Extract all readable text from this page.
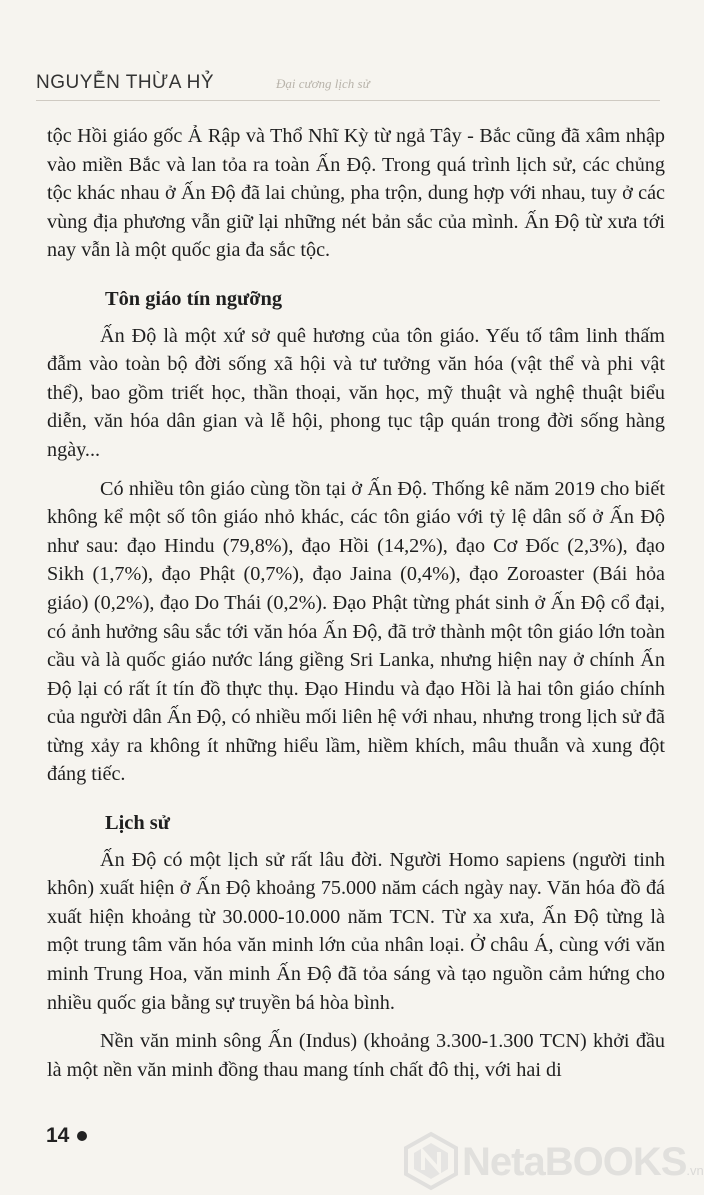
NGUYỄN THỪA HỶ	Đại cương lịch sử

tộc Hồi giáo gốc Ả Rập và Thổ Nhĩ Kỳ từ ngả Tây - Bắc cũng đã xâm nhập vào miền Bắc và lan tỏa ra toàn Ấn Độ. Trong quá trình lịch sử, các chủng tộc khác nhau ở Ấn Độ đã lai chủng, pha trộn, dung hợp với nhau, tuy ở các vùng địa phương vẫn giữ lại những nét bản sắc của mình. Ấn Độ từ xưa tới nay vẫn là một quốc gia đa sắc tộc.

Tôn giáo tín ngưỡng

Ấn Độ là một xứ sở quê hương của tôn giáo. Yếu tố tâm linh thấm đẫm vào toàn bộ đời sống xã hội và tư tưởng văn hóa (vật thể và phi vật thể), bao gồm triết học, thần thoại, văn học, mỹ thuật và nghệ thuật biểu diễn, văn hóa dân gian và lễ hội, phong tục tập quán trong đời sống hàng ngày...

Có nhiều tôn giáo cùng tồn tại ở Ấn Độ. Thống kê năm 2019 cho biết không kể một số tôn giáo nhỏ khác, các tôn giáo với tỷ lệ dân số ở Ấn Độ như sau: đạo Hindu (79,8%), đạo Hồi (14,2%), đạo Cơ Đốc (2,3%), đạo Sikh (1,7%), đạo Phật (0,7%), đạo Jaina (0,4%), đạo Zoroaster (Bái hỏa giáo) (0,2%), đạo Do Thái (0,2%). Đạo Phật từng phát sinh ở Ấn Độ cổ đại, có ảnh hưởng sâu sắc tới văn hóa Ấn Độ, đã trở thành một tôn giáo lớn toàn cầu và là quốc giáo nước láng giềng Sri Lanka, nhưng hiện nay ở chính Ấn Độ lại có rất ít tín đồ thực thụ. Đạo Hindu và đạo Hồi là hai tôn giáo chính của người dân Ấn Độ, có nhiều mối liên hệ với nhau, nhưng trong lịch sử đã từng xảy ra không ít những hiểu lầm, hiềm khích, mâu thuẫn và xung đột đáng tiếc.

Lịch sử

Ấn Độ có một lịch sử rất lâu đời. Người Homo sapiens (người tinh khôn) xuất hiện ở Ấn Độ khoảng 75.000 năm cách ngày nay. Văn hóa đồ đá xuất hiện khoảng từ 30.000-10.000 năm TCN. Từ xa xưa, Ấn Độ từng là một trung tâm văn hóa văn minh lớn của nhân loại. Ở châu Á, cùng với văn minh Trung Hoa, văn minh Ấn Độ đã tỏa sáng và tạo nguồn cảm hứng cho nhiều quốc gia bằng sự truyền bá hòa bình.

Nền văn minh sông Ấn (Indus) (khoảng 3.300-1.300 TCN) khởi đầu là một nền văn minh đồng thau mang tính chất đô thị, với hai di

14
NetaBOOKS.vn
